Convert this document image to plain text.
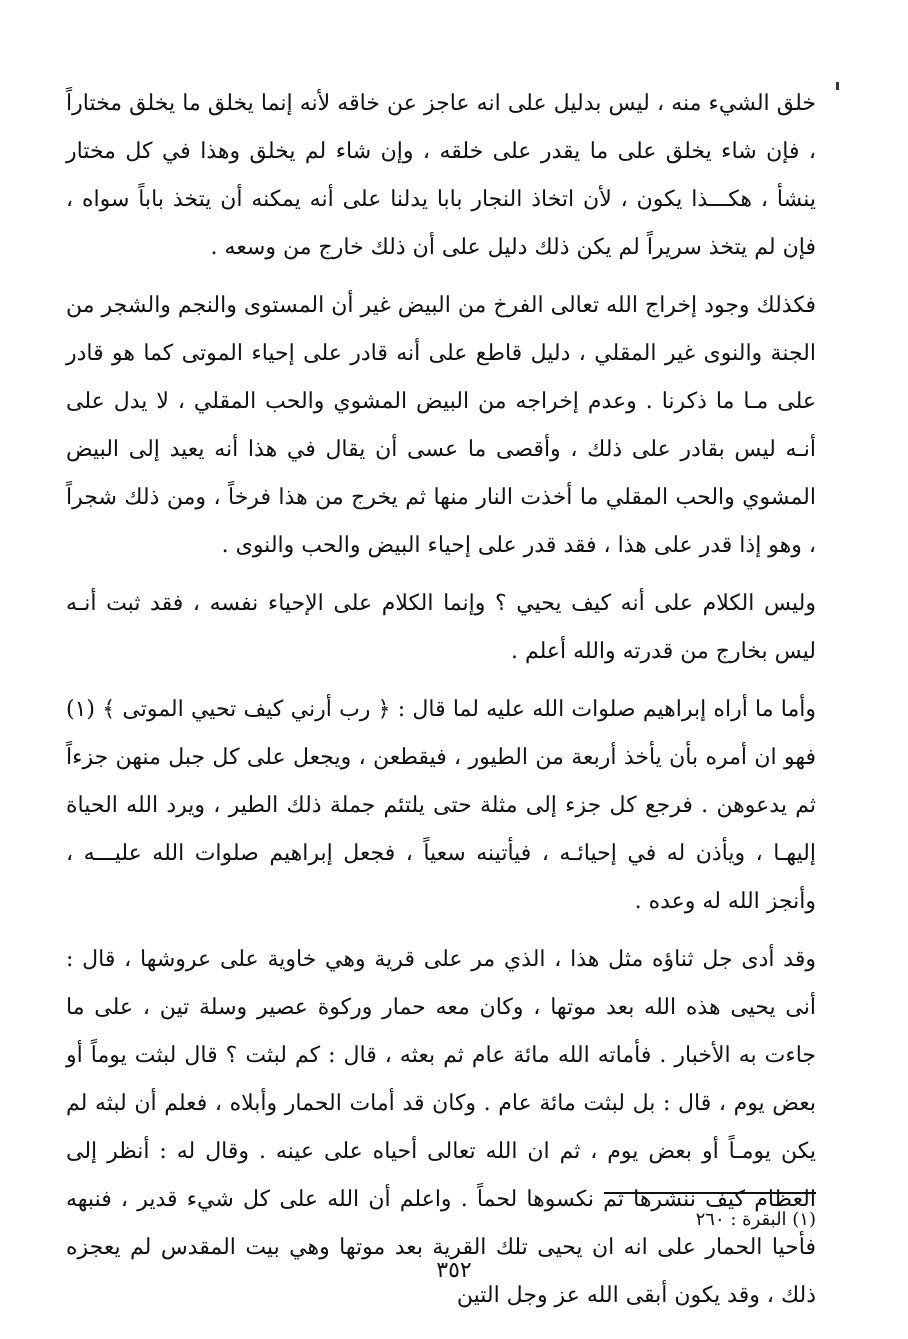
خلق الشيء منه ، ليس بدليل على انه عاجز عن خاقه لأنه إنما يخلق ما يخلق مختاراً ، فإن شاء يخلق على ما يقدر على خلقه ، وإن شاء لم يخلق وهذا في كل مختار ينشأ ، هكـــذا يكون ، لأن اتخاذ النجار بابا يدلنا على أنه يمكنه أن يتخذ باباً سواه ، فإن لم يتخذ سريراً لم يكن ذلك دليل على أن ذلك خارج من وسعه .

فكذلك وجود إخراج الله تعالى الفرخ من البيض غير أن المستوى والنجم والشجر من الجنة والنوى غير المقلي ، دليل قاطع على أنه قادر على إحياء الموتى كما هو قادر على مـا ما ذكرنا . وعدم إخراجه من البيض المشوي والحب المقلي ، لا يدل على أنـه ليس بقادر على ذلك ، وأقصى ما عسى أن يقال في هذا أنه يعيد إلى البيض المشوي والحب المقلي ما أخذت النار منها ثم يخرج من هذا فرخاً ، ومن ذلك شجراً ، وهو إذا قدر على هذا ، فقد قدر على إحياء البيض والحب والنوى .

وليس الكلام على أنه كيف يحيي ؟ وإنما الكلام على الإحياء نفسه ، فقد ثبت أنـه ليس بخارج من قدرته والله أعلم .

وأما ما أراه إبراهيم صلوات الله عليه لما قال : ﴿ رب أرني كيف تحيي الموتى ﴾ (١) فهو ان أمره بأن يأخذ أربعة من الطيور ، فيقطعن ، ويجعل على كل جبل منهن جزءاً ثم يدعوهن . فرجع كل جزء إلى مثلة حتى يلتئم جملة ذلك الطير ، ويرد الله الحياة إليهـا ، ويأذن له في إحيائـه ، فيأتينه سعياً ، فجعل إبراهيم صلوات الله عليـــه ، وأنجز الله له وعده .

وقد أدى جل ثناؤه مثل هذا ، الذي مر على قرية وهي خاوية على عروشها ، قال : أنى يحيى هذه الله بعد موتها ، وكان معه حمار وركوة عصير وسلة تين ، على ما جاءت به الأخبار . فأماته الله مائة عام ثم بعثه ، قال : كم لبثت ؟ قال لبثت يوماً أو بعض يوم ، قال : بل لبثت مائة عام . وكان قد أمات الحمار وأبلاه ، فعلم أن لبثه لم يكن يومـاً أو بعض يوم ، ثم ان الله تعالى أحياه على عينه . وقال له : أنظر إلى العظام كيف ننشرها ثم نكسوها لحماً . واعلم أن الله على كل شيء قدير ، فنبهه فأحيا الحمار على انه ان يحيى تلك القرية بعد موتها وهي بيت المقدس لم يعجزه ذلك ، وقد يكون أبقى الله عز وجل التين

(١) البقرة : ٢٦٠
٣٥٢
